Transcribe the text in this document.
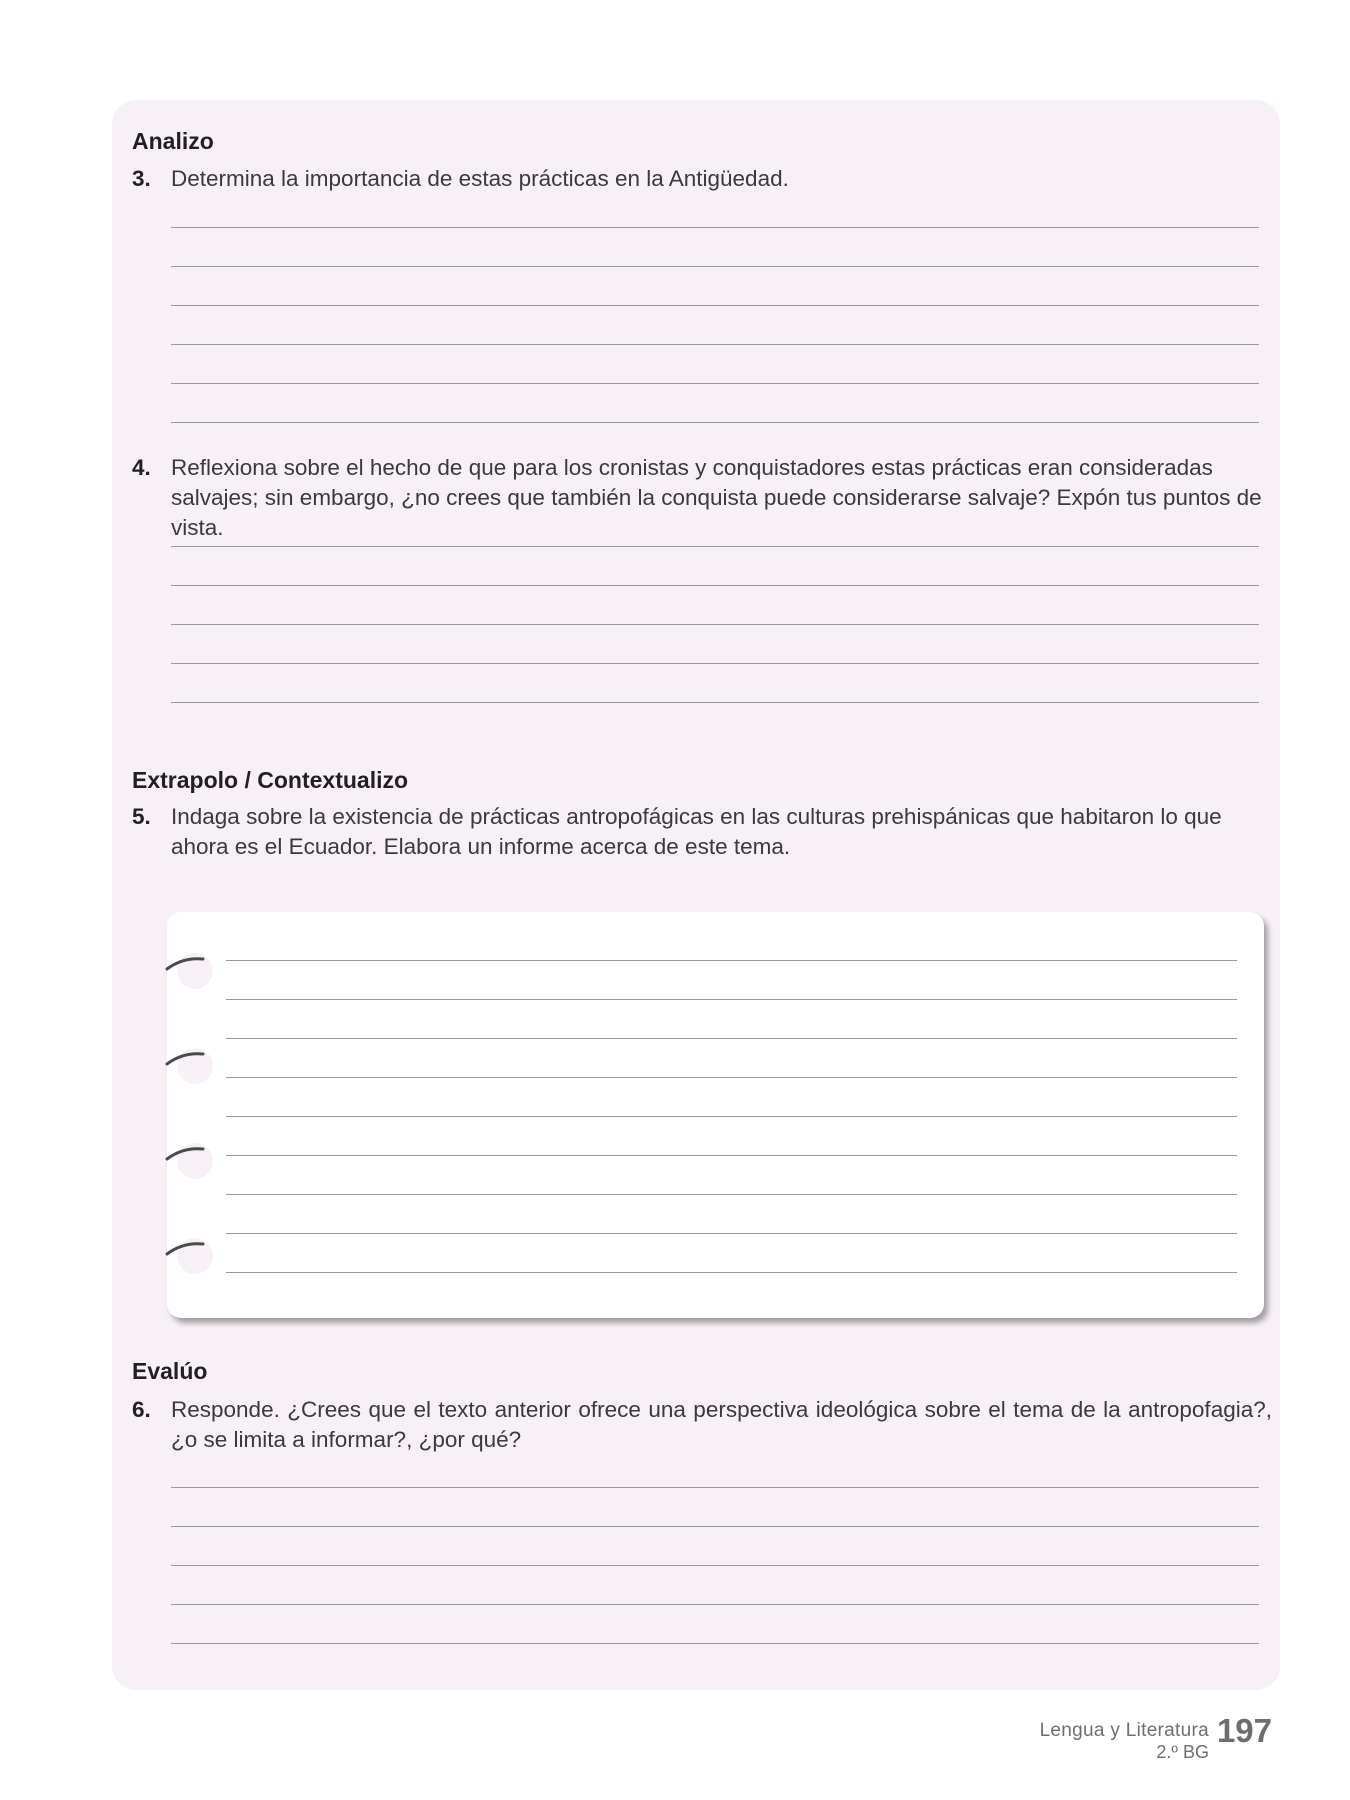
Analizo
3. Determina la importancia de estas prácticas en la Antigüedad.
4. Reflexiona sobre el hecho de que para los cronistas y conquistadores estas prácticas eran consideradas salvajes; sin embargo, ¿no crees que también la conquista puede considerarse salvaje? Expón tus puntos de vista.
Extrapolo / Contextualizo
5. Indaga sobre la existencia de prácticas antropofágicas en las culturas prehispánicas que habitaron lo que ahora es el Ecuador. Elabora un informe acerca de este tema.
Evalúo
6. Responde. ¿Crees que el texto anterior ofrece una perspectiva ideológica sobre el tema de la antropofagia?, ¿o se limita a informar?, ¿por qué?
Lengua y Literatura
2.º BG
197
